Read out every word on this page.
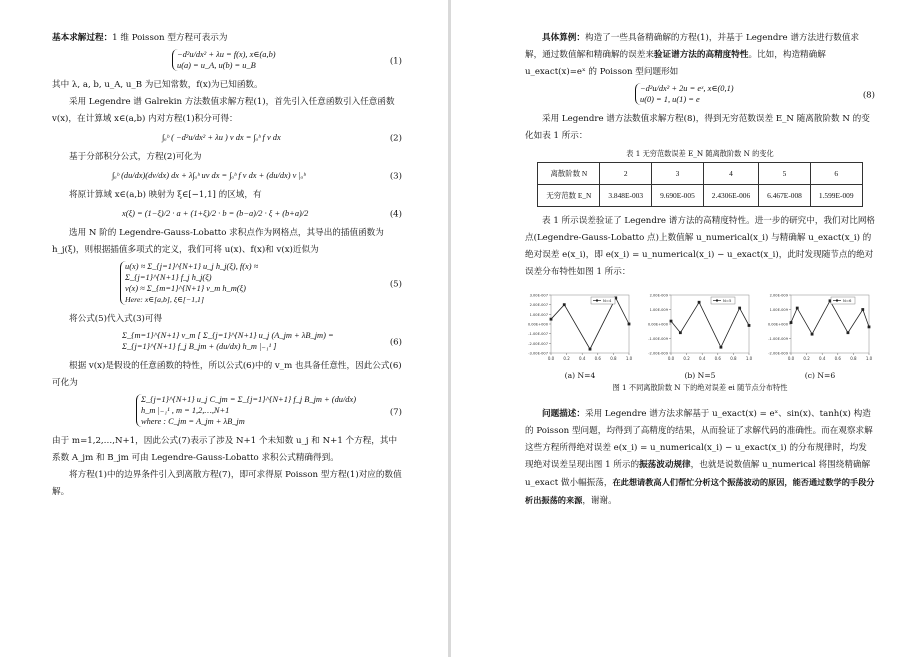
基本求解过程：1 维 Poisson 型方程可表示为

−d²u/dx² + λu = f(x), x∈(a,b)
u(a) = u_A, u(b) = u_B	(1)

其中 λ, a, b, u_A, u_B 为已知常数，f(x)为已知函数。

采用 Legendre 谱 Galrekin 方法数值求解方程(1)，首先引入任意函数引入任意函数 v(x)，在计算域 x∈(a,b) 内对方程(1)积分可得：

∫ₐᵇ ( −d²u/dx² + λu ) v dx = ∫ₐᵇ f v dx	(2)

基于分部积分公式，方程(2)可化为

∫ₐᵇ (du/dx)(dv/dx) dx + λ∫ₐᵇ uv dx = ∫ₐᵇ f v dx + (du/dx) v |ₐᵇ	(3)

将原计算域 x∈(a,b) 映射为 ξ∈[−1,1] 的区域，有

x(ξ) = (1−ξ)/2 · a + (1+ξ)/2 · b = (b−a)/2 · ξ + (b+a)/2	(4)

选用 N 阶的 Legendre-Gauss-Lobatto 求积点作为网格点，其导出的插值函数为 h_j(ξ)，则根据插值多项式的定义，我们可将 u(x)、f(x)和 v(x)近似为

u(x) ≈ Σ_{j=1}^{N+1} u_j h_j(ξ), f(x) ≈ Σ_{j=1}^{N+1} f_j h_j(ξ)
v(x) ≈ Σ_{m=1}^{N+1} v_m h_m(ξ)
Here: x∈[a,b], ξ∈[−1,1]
(5)

将公式(5)代入式(3)可得

Σ_{m=1}^{N+1} v_m [ Σ_{j=1}^{N+1} u_j (A_jm + λB_jm) = Σ_{j=1}^{N+1} f_j B_jm + (du/dx) h_m |₋₁¹ ]	(6)

根据 v(x)是假设的任意函数的特性，所以公式(6)中的 v_m 也具备任意性，因此公式(6)可化为

Σ_{j=1}^{N+1} u_j C_jm = Σ_{j=1}^{N+1} f_j B_jm + (du/dx) h_m |₋₁¹ , m = 1,2,…,N+1
where : C_jm = A_jm + λB_jm
(7)

由于 m=1,2,…,N+1，因此公式(7)表示了涉及 N+1 个未知数 u_j 和 N+1 个方程，其中系数 A_jm 和 B_jm 可由 Legendre-Gauss-Lobatto 求积公式精确得到。

将方程(1)中的边界条件引入到离散方程(7)，即可求得原 Poisson 型方程(1)对应的数值解。

具体算例：构造了一些具备精确解的方程(1)，并基于 Legendre 谱方法进行数值求解，通过数值解和精确解的误差来验证谱方法的高精度特性。比如，构造精确解 u_exact(x)=eˣ 的 Poisson 型问题形如

−d²u/dx² + 2u = eˣ, x∈(0,1)
u(0) = 1, u(1) = e	(8)

采用 Legendre 谱方法数值求解方程(8)，得到无穷范数误差 E_N 随离散阶数 N 的变化如表 1 所示：

表 1 无穷范数误差 E_N 随离散阶数 N 的变化
离散阶数 N	2	3	4	5	6
无穷范数 E_N	3.848E-003	9.690E-005	2.4306E-006	6.467E-008	1.599E-009

表 1 所示误差验证了 Legendre 谱方法的高精度特性。进一步的研究中，我们对比网格点(Legendre-Gauss-Lobatto 点)上数值解 u_numerical(x_i) 与精确解 u_exact(x_i) 的绝对误差 e(x_i)，即 e(x_i) = u_numerical(x_i) − u_exact(x_i)，此时发现随节点的绝对误差分布特性如图 1 所示：

3.00E-007
2.00E-007
1.00E-007
0.00E+000
-1.00E-007
-2.00E-007
-3.00E-007
0.0 0.2 0.4 0.6 0.8 1.0
N=4
2.00E-009
1.00E-009
0.00E+000
-1.00E-009
-2.00E-009
0.0 0.2 0.4 0.6 0.8 1.0
N=5
2.00E-009
1.00E-009
0.00E+000
-1.00E-009
-2.00E-009
0.0 0.2 0.4 0.6 0.8 1.0
N=6
(a) N=4	(b) N=5	(c) N=6
图 1 不同离散阶数 N 下的绝对误差 ei 随节点分布特性

问题描述：采用 Legendre 谱方法求解基于 u_exact(x) = eˣ、sin(x)、tanh(x) 构造的 Poisson 型问题，均得到了高精度的结果，从而验证了求解代码的准确性。而在观察求解这些方程所得绝对误差 e(x_i) = u_numerical(x_i) − u_exact(x_i) 的分布规律时，均发现绝对误差呈现出图 1 所示的振荡波动规律，也就是说数值解 u_numerical 将围绕精确解 u_exact 做小幅振荡，在此想请教高人们帮忙分析这个振荡波动的原因，能否通过数学的手段分析出振荡的来源，谢谢。
